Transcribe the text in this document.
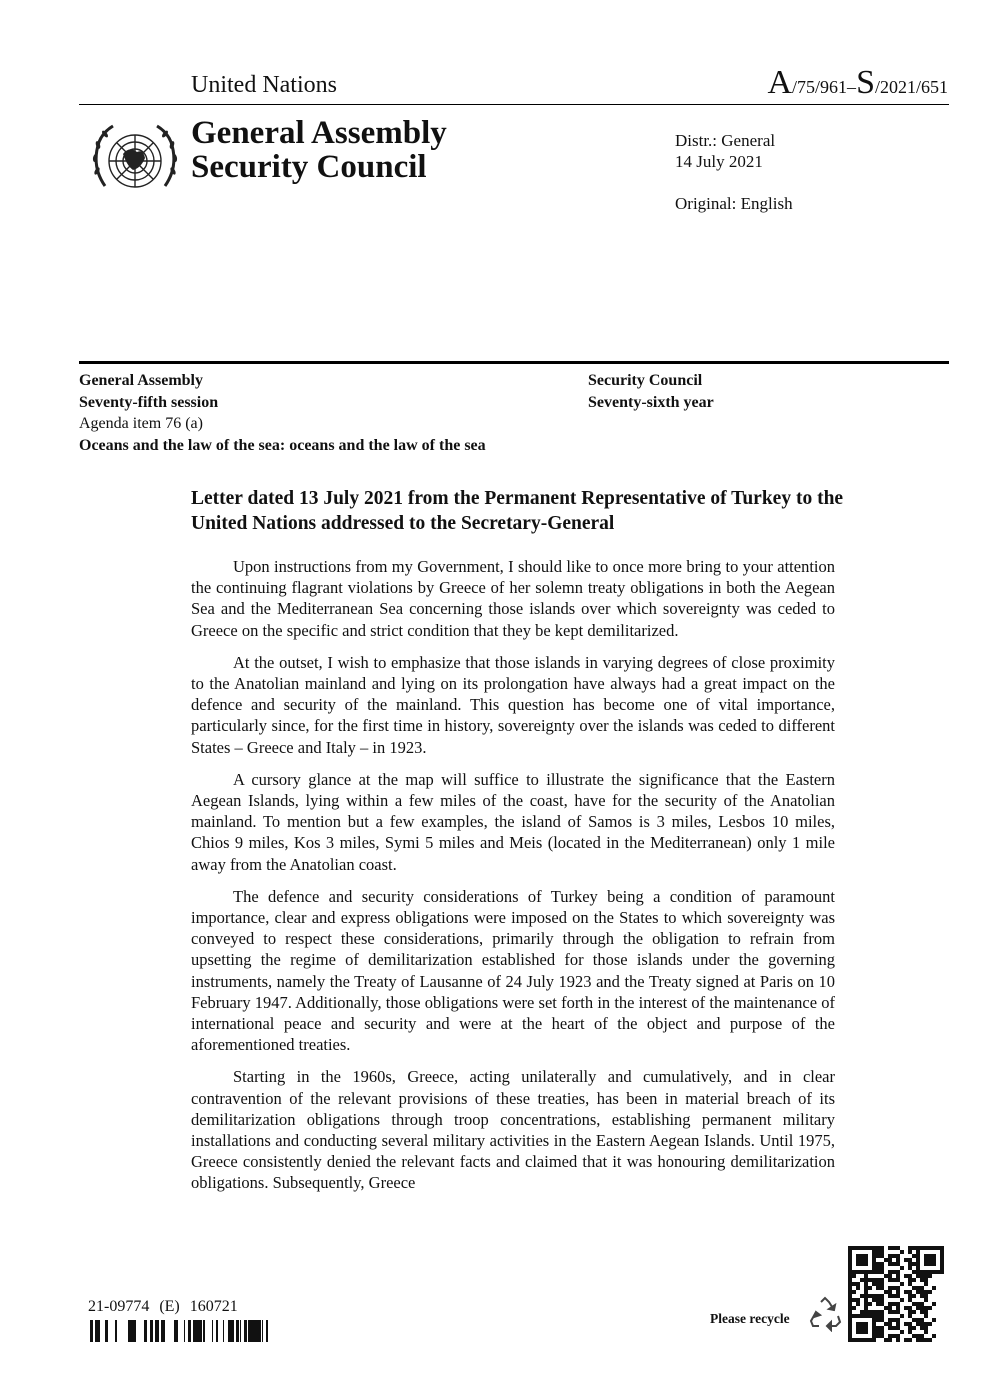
United Nations	A/75/961–S/2021/651
General Assembly
Security Council
Distr.: General
14 July 2021
Original: English
General Assembly
Seventy-fifth session
Agenda item 76 (a)
Oceans and the law of the sea: oceans and the law of the sea
Security Council
Seventy-sixth year
Letter dated 13 July 2021 from the Permanent Representative of Turkey to the United Nations addressed to the Secretary-General

Upon instructions from my Government, I should like to once more bring to your attention the continuing flagrant violations by Greece of her solemn treaty obligations in both the Aegean Sea and the Mediterranean Sea concerning those islands over which sovereignty was ceded to Greece on the specific and strict condition that they be kept demilitarized.

At the outset, I wish to emphasize that those islands in varying degrees of close proximity to the Anatolian mainland and lying on its prolongation have always had a great impact on the defence and security of the mainland. This question has become one of vital importance, particularly since, for the first time in history, sovereignty over the islands was ceded to different States – Greece and Italy – in 1923.

A cursory glance at the map will suffice to illustrate the significance that the Eastern Aegean Islands, lying within a few miles of the coast, have for the security of the Anatolian mainland. To mention but a few examples, the island of Samos is 3 miles, Lesbos 10 miles, Chios 9 miles, Kos 3 miles, Symi 5 miles and Meis (located in the Mediterranean) only 1 mile away from the Anatolian coast.

The defence and security considerations of Turkey being a condition of paramount importance, clear and express obligations were imposed on the States to which sovereignty was conveyed to respect these considerations, primarily through the obligation to refrain from upsetting the regime of demilitarization established for those islands under the governing instruments, namely the Treaty of Lausanne of 24 July 1923 and the Treaty signed at Paris on 10 February 1947. Additionally, those obligations were set forth in the interest of the maintenance of international peace and security and were at the heart of the object and purpose of the aforementioned treaties.

Starting in the 1960s, Greece, acting unilaterally and cumulatively, and in clear contravention of the relevant provisions of these treaties, has been in material breach of its demilitarization obligations through troop concentrations, establishing permanent military installations and conducting several military activities in the Eastern Aegean Islands. Until 1975, Greece consistently denied the relevant facts and claimed that it was honouring demilitarization obligations. Subsequently, Greece

21-09774 (E) 160721
Please recycle
